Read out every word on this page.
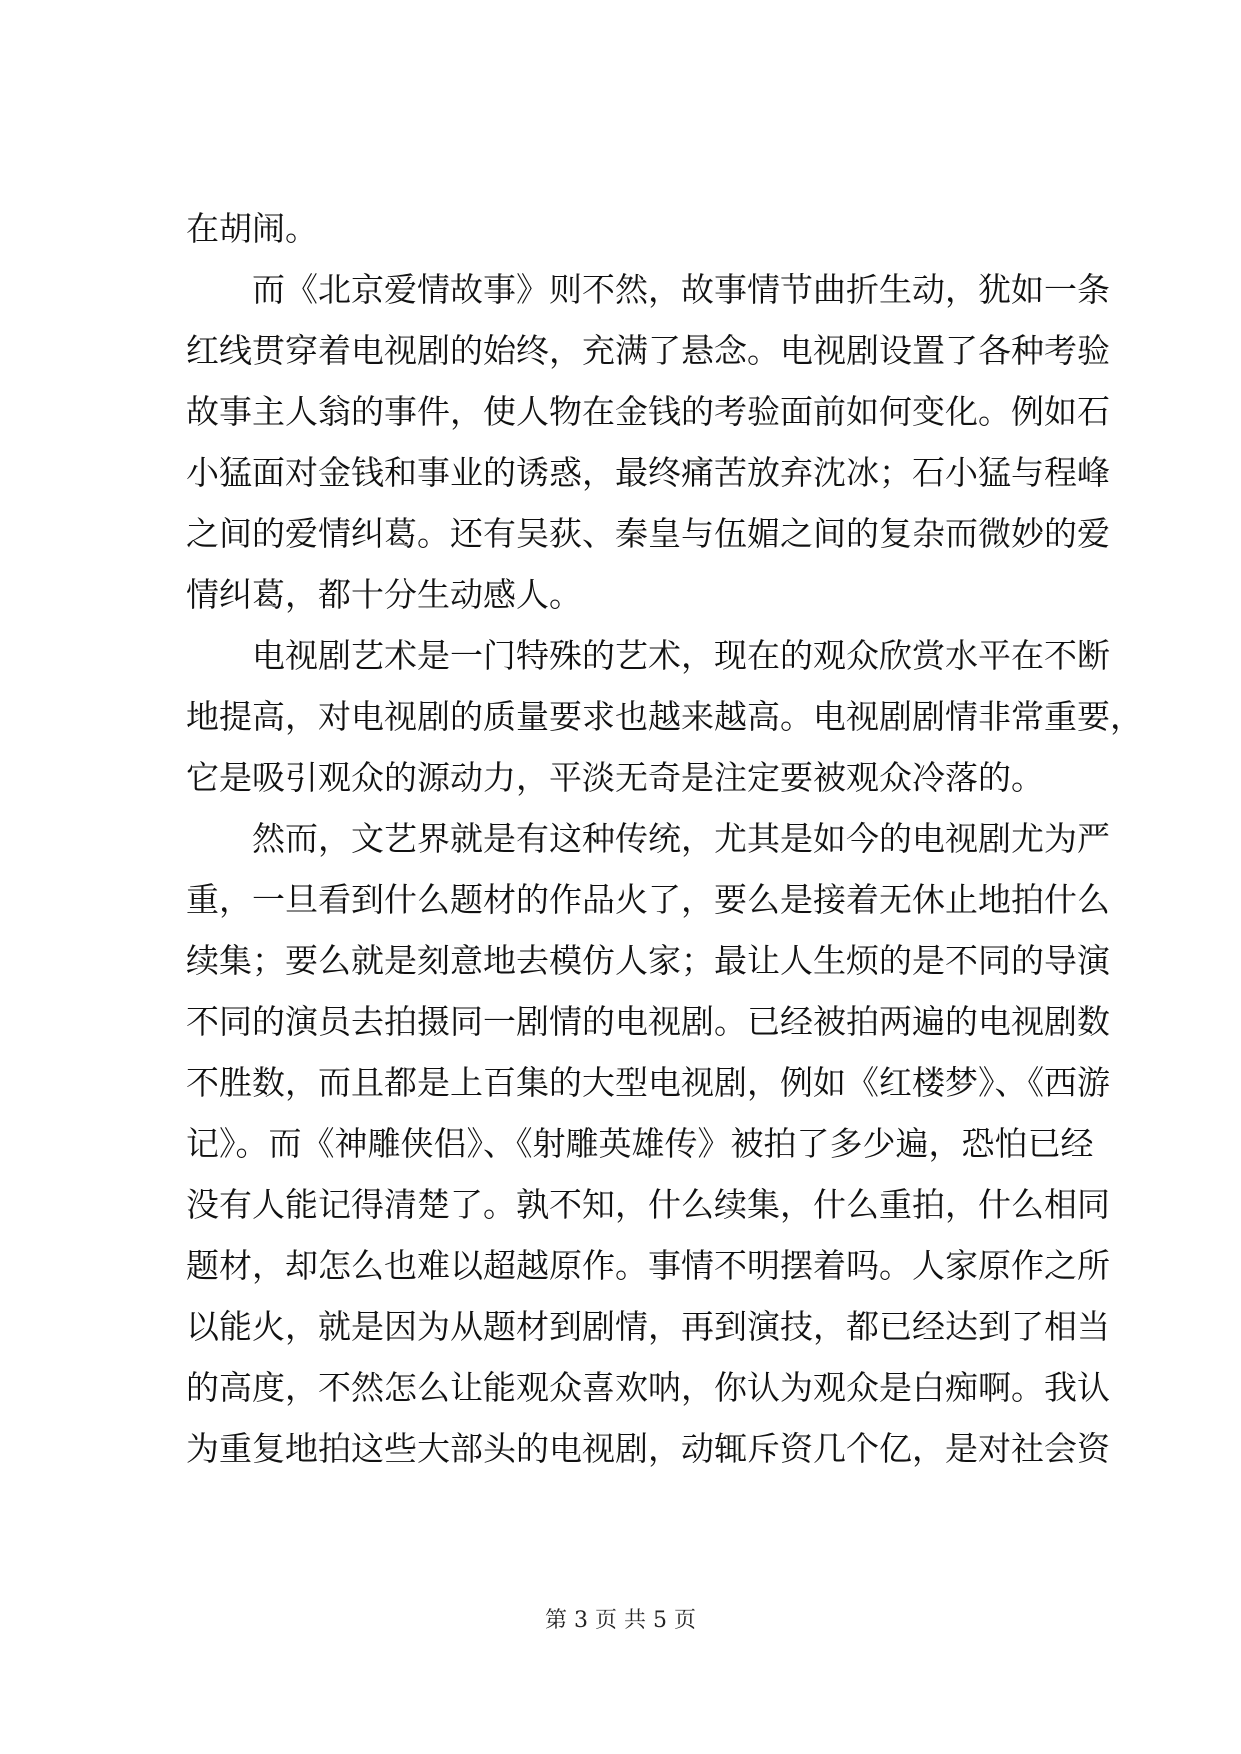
在胡闹。
而《北京爱情故事》则不然，故事情节曲折生动，犹如一条
红线贯穿着电视剧的始终，充满了悬念。电视剧设置了各种考验
故事主人翁的事件，使人物在金钱的考验面前如何变化。例如石
小猛面对金钱和事业的诱惑，最终痛苦放弃沈冰；石小猛与程峰
之间的爱情纠葛。还有吴荻、秦皇与伍媚之间的复杂而微妙的爱
情纠葛，都十分生动感人。
电视剧艺术是一门特殊的艺术，现在的观众欣赏水平在不断
地提高，对电视剧的质量要求也越来越高。电视剧剧情非常重要，
它是吸引观众的源动力，平淡无奇是注定要被观众冷落的。
然而，文艺界就是有这种传统，尤其是如今的电视剧尤为严
重，一旦看到什么题材的作品火了，要么是接着无休止地拍什么
续集；要么就是刻意地去模仿人家；最让人生烦的是不同的导演
不同的演员去拍摄同一剧情的电视剧。已经被拍两遍的电视剧数
不胜数，而且都是上百集的大型电视剧，例如《红楼梦》、《西游
记》。而《神雕侠侣》、《射雕英雄传》被拍了多少遍，恐怕已经
没有人能记得清楚了。孰不知，什么续集，什么重拍，什么相同
题材，却怎么也难以超越原作。事情不明摆着吗。人家原作之所
以能火，就是因为从题材到剧情，再到演技，都已经达到了相当
的高度，不然怎么让能观众喜欢呐，你认为观众是白痴啊。我认
为重复地拍这些大部头的电视剧，动辄斥资几个亿，是对社会资
第 3 页 共 5 页
